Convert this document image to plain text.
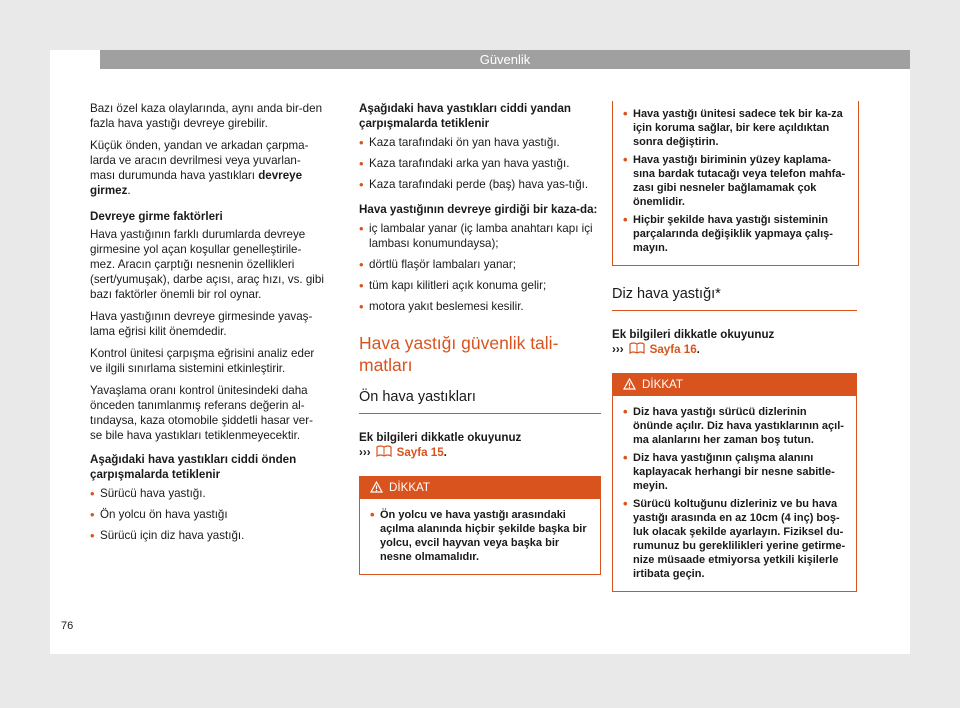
Güvenlik

Bazı özel kaza olaylarında, aynı anda bir-den fazla hava yastığı devreye girebilir.

Küçük önden, yandan ve arkadan çarpma-larda ve aracın devrilmesi veya yuvarlan-ması durumunda hava yastıkları devreye girmez.

Devreye girme faktörleri

Hava yastığının farklı durumlarda devreye girmesine yol açan koşullar genelleştirile-mez. Aracın çarptığı nesnenin özellikleri (sert/yumuşak), darbe açısı, araç hızı, vs. gibi bazı faktörler önemli bir rol oynar.

Hava yastığının devreye girmesinde yavaş-lama eğrisi kilit önemdedir.

Kontrol ünitesi çarpışma eğrisini analiz eder ve ilgili sınırlama sistemini etkinleştirir.

Yavaşlama oranı kontrol ünitesindeki daha önceden tanımlanmış referans değerin al-tındaysa, kaza otomobile şiddetli hasar ver-se bile hava yastıkları tetiklenmeyecektir.

Aşağıdaki hava yastıkları ciddi önden çarpışmalarda tetiklenir

• Sürücü hava yastığı.
• Ön yolcu ön hava yastığı
• Sürücü için diz hava yastığı.

Aşağıdaki hava yastıkları ciddi yandan çarpışmalarda tetiklenir

• Kaza tarafındaki ön yan hava yastığı.
• Kaza tarafındaki arka yan hava yastığı.
• Kaza tarafındaki perde (baş) hava yas-tığı.

Hava yastığının devreye girdiği bir kaza-da:

• iç lambalar yanar (iç lamba anahtarı kapı içi lambası konumundaysa);
• dörtlü flaşör lambaları yanar;
• tüm kapı kilitleri açık konuma gelir;
• motora yakıt beslemesi kesilir.
Hava yastığı güvenlik tali-matları
Ön hava yastıkları
Ek bilgileri dikkatle okuyunuz
››› Sayfa 15.
DİKKAT
• Ön yolcu ve hava yastığı arasındaki açılma alanında hiçbir şekilde başka bir yolcu, evcil hayvan veya başka bir nesne olmamalıdır.
• Hava yastığı ünitesi sadece tek bir ka-za için koruma sağlar, bir kere açıldıktan sonra değiştirin.
• Hava yastığı biriminin yüzey kaplama-sına bardak tutacağı veya telefon mahfa-zası gibi nesneler bağlamamak çok önemlidir.
• Hiçbir şekilde hava yastığı sisteminin parçalarında değişiklik yapmaya çalış-mayın.
Diz hava yastığı*
Ek bilgileri dikkatle okuyunuz
››› Sayfa 16.
DİKKAT
• Diz hava yastığı sürücü dizlerinin önünde açılır. Diz hava yastıklarının açıl-ma alanlarını her zaman boş tutun.
• Diz hava yastığının çalışma alanını kaplayacak herhangi bir nesne sabitle-meyin.
• Sürücü koltuğunu dizleriniz ve bu hava yastığı arasında en az 10cm (4 inç) boş-luk olacak şekilde ayarlayın. Fiziksel du-rumunuz bu gereklilikleri yerine getirme-nize müsaade etmiyorsa yetkili kişilerle irtibata geçin.
76
